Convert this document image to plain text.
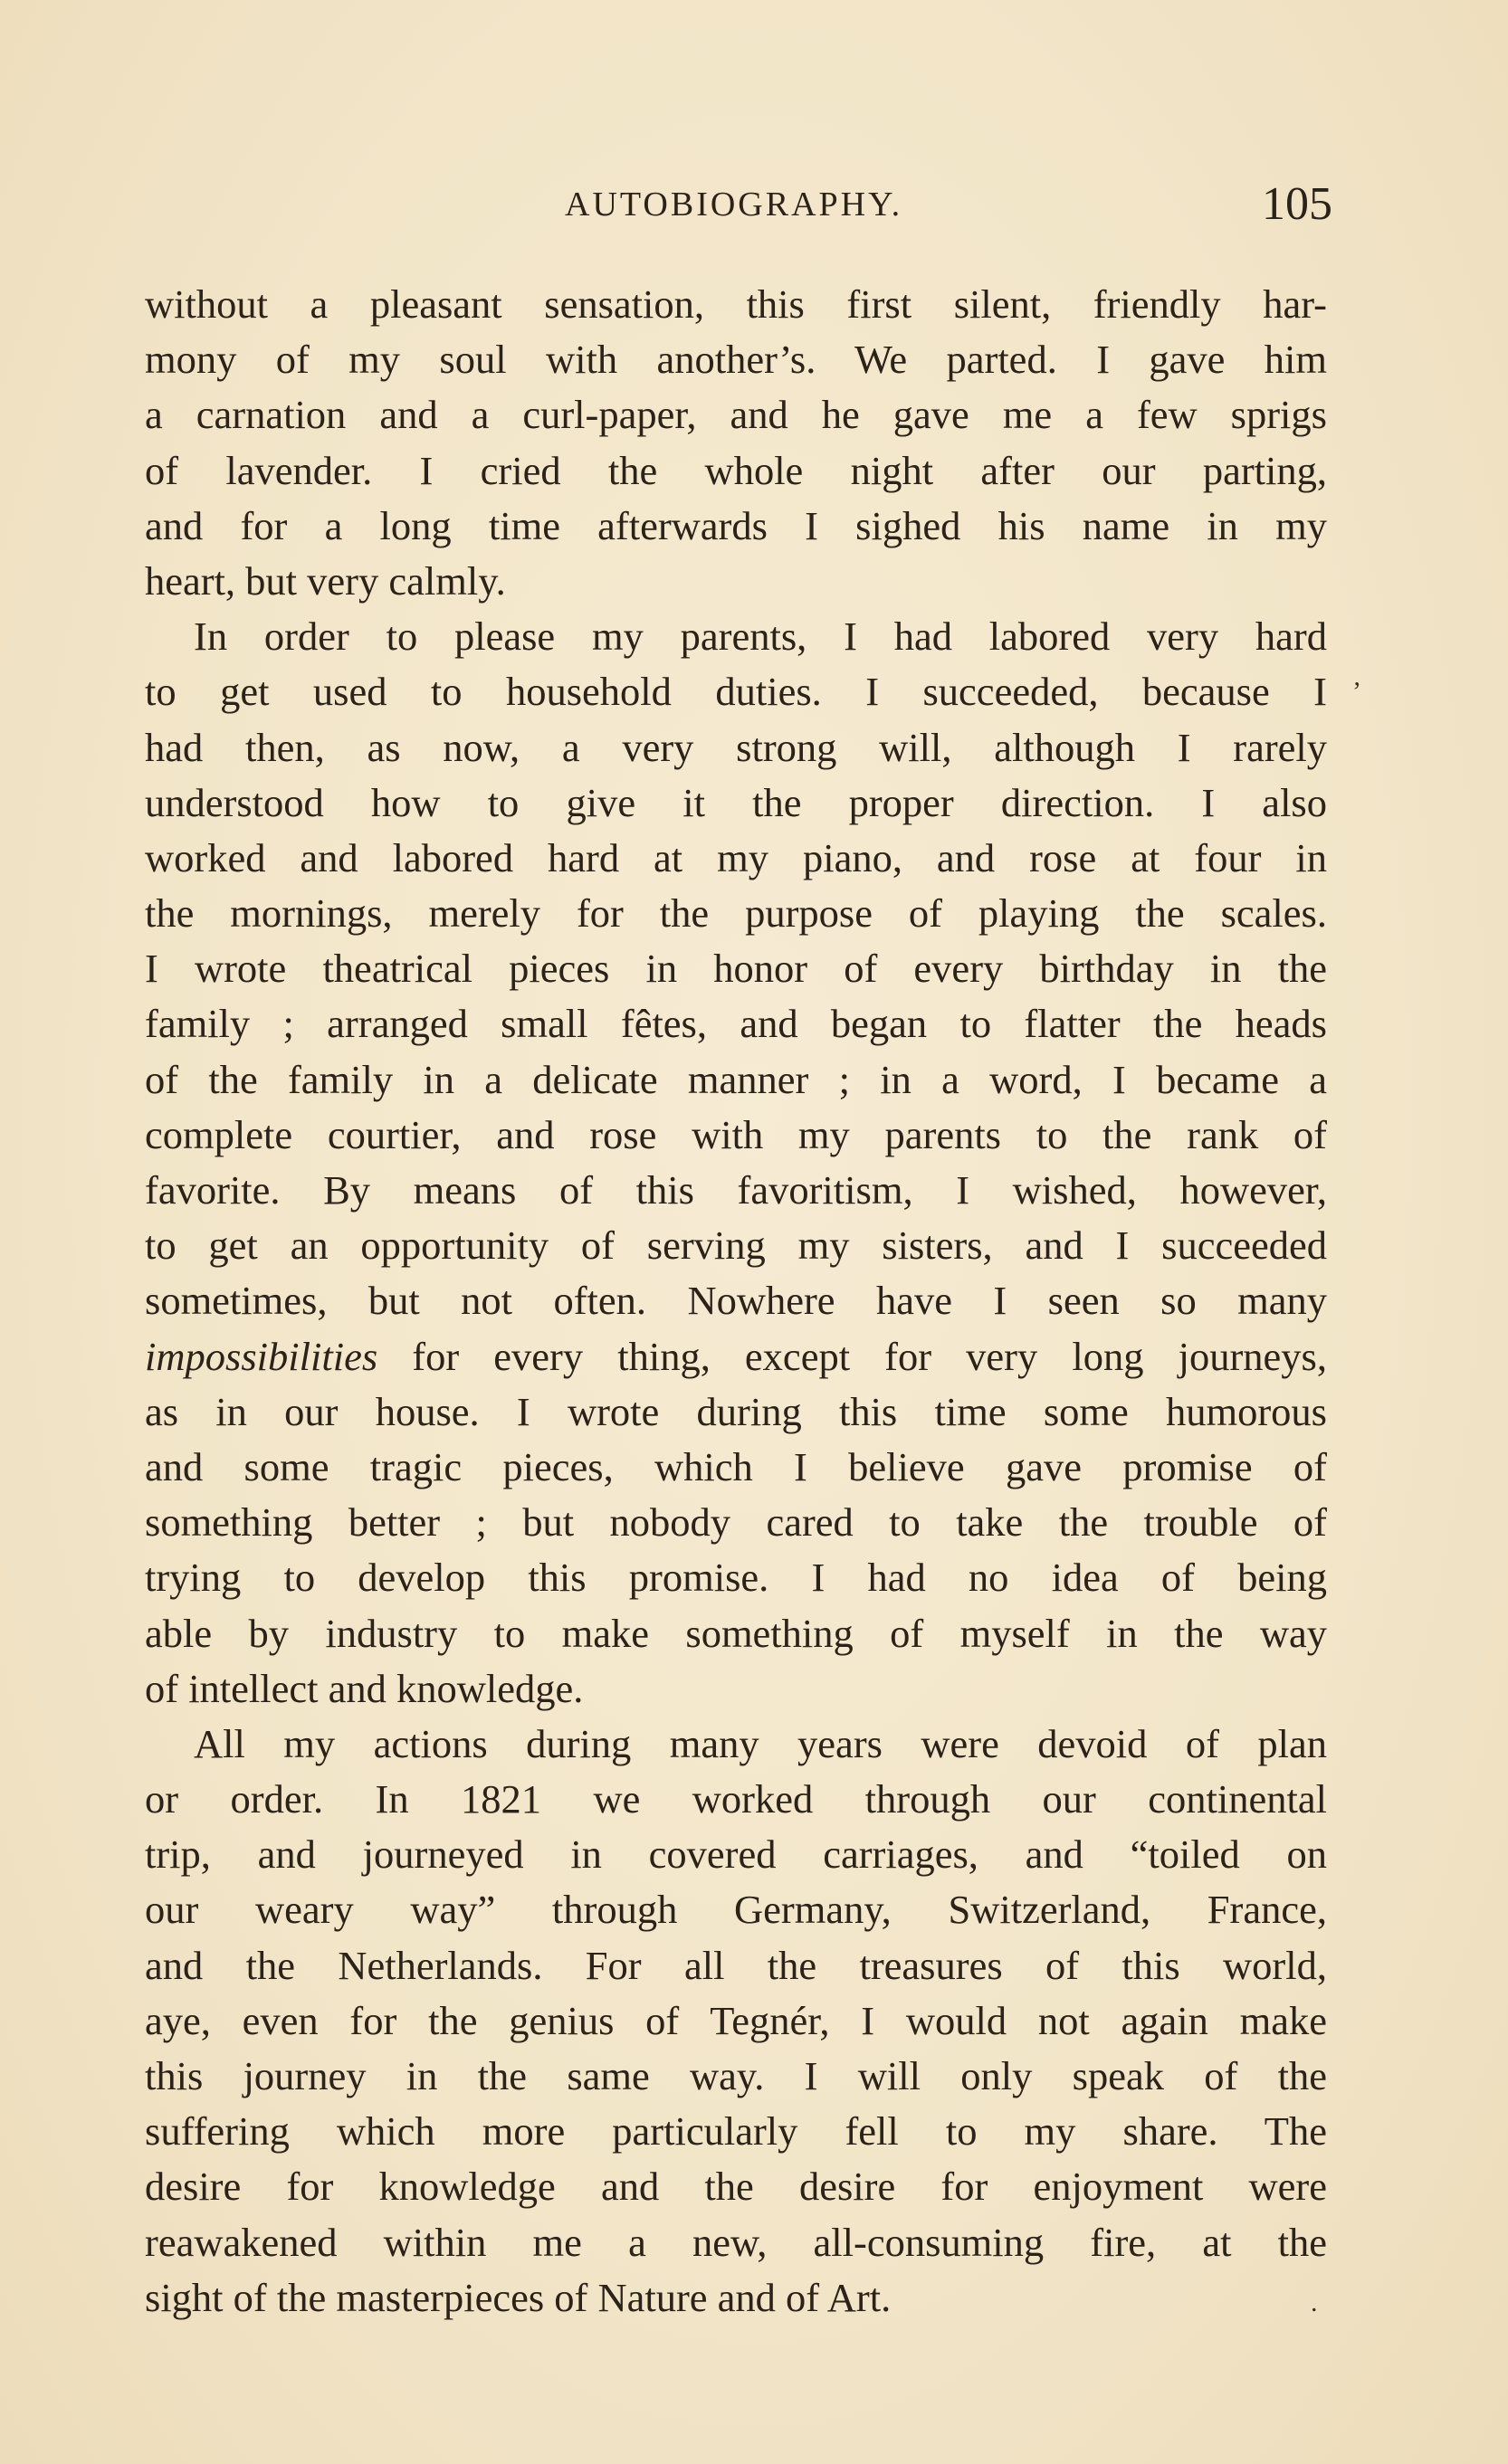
AUTOBIOGRAPHY.	105
without a pleasant sensation, this first silent, friendly har-
mony of my soul with another’s. We parted. I gave him
a carnation and a curl-paper, and he gave me a few sprigs
of lavender. I cried the whole night after our parting,
and for a long time afterwards I sighed his name in my
heart, but very calmly.
In order to please my parents, I had labored very hard
to get used to household duties. I succeeded, because I
had then, as now, a very strong will, although I rarely
understood how to give it the proper direction. I also
worked and labored hard at my piano, and rose at four in
the mornings, merely for the purpose of playing the scales.
I wrote theatrical pieces in honor of every birthday in the
family ; arranged small fêtes, and began to flatter the heads
of the family in a delicate manner ; in a word, I became a
complete courtier, and rose with my parents to the rank of
favorite. By means of this favoritism, I wished, however,
to get an opportunity of serving my sisters, and I succeeded
sometimes, but not often. Nowhere have I seen so many
impossibilities for every thing, except for very long journeys,
as in our house. I wrote during this time some humorous
and some tragic pieces, which I believe gave promise of
something better ; but nobody cared to take the trouble of
trying to develop this promise. I had no idea of being
able by industry to make something of myself in the way
of intellect and knowledge.
All my actions during many years were devoid of plan
or order. In 1821 we worked through our continental
trip, and journeyed in covered carriages, and “toiled on
our weary way” through Germany, Switzerland, France,
and the Netherlands. For all the treasures of this world,
aye, even for the genius of Tegnér, I would not again make
this journey in the same way. I will only speak of the
suffering which more particularly fell to my share. The
desire for knowledge and the desire for enjoyment were
reawakened within me a new, all-consuming fire, at the
sight of the masterpieces of Nature and of Art.
ʼ
.
